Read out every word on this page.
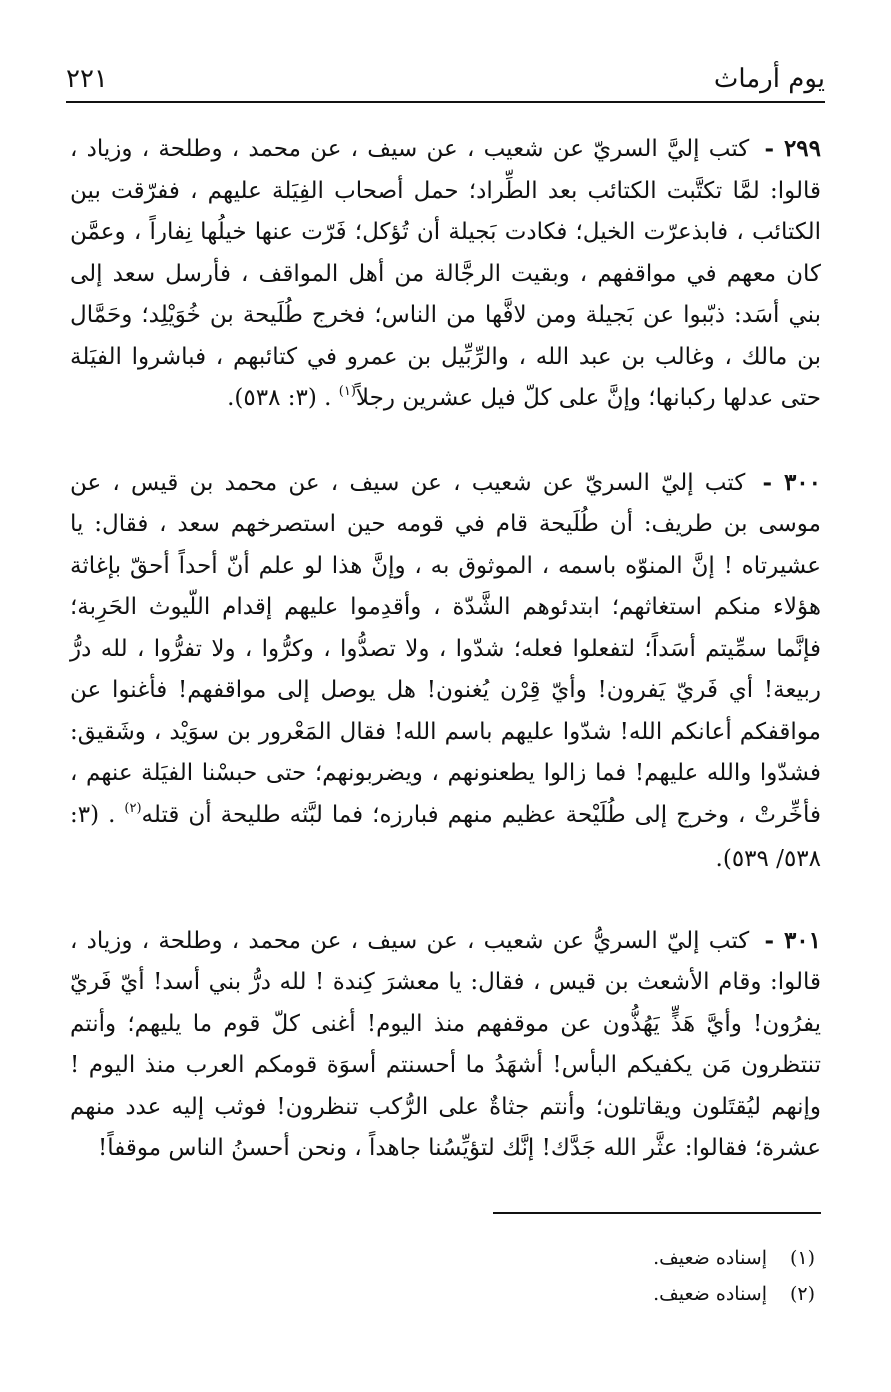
يوم أرماث
٢٢١

٢٩٩ - كتب إليَّ السريّ عن شعيب ، عن سيف ، عن محمد ، وطلحة ، وزياد ، قالوا: لمَّا تكتَّبت الكتائب بعد الطِّراد؛ حمل أصحاب الفِيَلة عليهم ، ففرّقت بين الكتائب ، فابذعرّت الخيل؛ فكادت بَجيلة أن تُؤكل؛ فَرّت عنها خيلُها نِفاراً ، وعمَّن كان معهم في مواقفهم ، وبقيت الرجَّالة من أهل المواقف ، فأرسل سعد إلى بني أسَد: ذبّبوا عن بَجيلة ومن لافَّها من الناس؛ فخرج طُلَيحة بن خُوَيْلِد؛ وحَمَّال بن مالك ، وغالب بن عبد الله ، والرِّبِّيل بن عمرو في كتائبهم ، فباشروا الفيَلة حتى عدلها ركبانها؛ وإنَّ على كلّ فيل عشرين رجلاً$^{(١)}$ . (٣: ٥٣٨).

٣٠٠ - كتب إليّ السريّ عن شعيب ، عن سيف ، عن محمد بن قيس ، عن موسى بن طريف: أن طُلَيحة قام في قومه حين استصرخهم سعد ، فقال: يا عشيرتاه ! إنَّ المنوّه باسمه ، الموثوق به ، وإنَّ هذا لو علم أنّ أحداً أحقّ بإغاثة هؤلاء منكم استغاثهم؛ ابتدئوهم الشَّدّة ، وأقدِموا عليهم إقدام اللّيوث الحَرِبة؛ فإنَّما سمِّيتم أسَداً؛ لتفعلوا فعله؛ شدّوا ، ولا تصدُّوا ، وكرُّوا ، ولا تفرُّوا ، لله درُّ ربيعة! أي فَريّ يَفرون! وأيّ قِرْن يُغنون! هل يوصل إلى مواقفهم! فأغنوا عن مواقفكم أعانكم الله! شدّوا عليهم باسم الله! فقال المَعْرور بن سوَيْد ، وشَقيق: فشدّوا والله عليهم! فما زالوا يطعنونهم ، ويضربونهم؛ حتى حبسْنا الفيَلة عنهم ، فأخِّرتْ ، وخرج إلى طُلَيْحة عظيم منهم فبارزه؛ فما لبَّثه طليحة أن قتله$^{(٢)}$ . (٣: ٥٣٨/ ٥٣٩).

٣٠١ - كتب إليّ السريُّ عن شعيب ، عن سيف ، عن محمد ، وطلحة ، وزياد ، قالوا: وقام الأشعث بن قيس ، فقال: يا معشرَ كِندة ! لله درُّ بني أسد! أيّ فَريّ يفرُون! وأيَّ هَذٍّ يَهُذُّون عن موقفهم منذ اليوم! أغنى كلّ قوم ما يليهم؛ وأنتم تنتظرون مَن يكفيكم البأس! أشهَدُ ما أحسنتم أسوَة قومكم العرب منذ اليوم ! وإنهم ليُقتَلون ويقاتلون؛ وأنتم جثاةٌ على الرُّكب تنظرون! فوثب إليه عدد منهم عشرة؛ فقالوا: عثَّر الله جَدَّك! إنَّك لتؤيِّسُنا جاهداً ، ونحن أحسنُ الناس موقفاً!

(١)إسناده ضعيف.
(٢)إسناده ضعيف.
